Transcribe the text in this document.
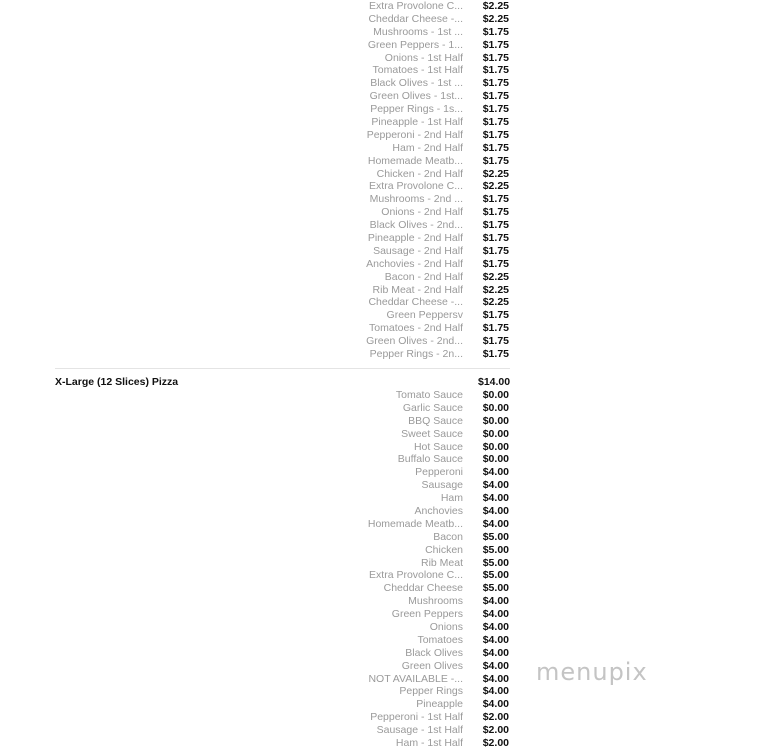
Extra Provolone C...	$2.25
Cheddar Cheese -...	$2.25
Mushrooms - 1st ...	$1.75
Green Peppers - 1...	$1.75
Onions - 1st Half	$1.75
Tomatoes - 1st Half	$1.75
Black Olives - 1st ...	$1.75
Green Olives - 1st...	$1.75
Pepper Rings - 1s...	$1.75
Pineapple - 1st Half	$1.75
Pepperoni - 2nd Half	$1.75
Ham - 2nd Half	$1.75
Homemade Meatb...	$1.75
Chicken - 2nd Half	$2.25
Extra Provolone C...	$2.25
Mushrooms - 2nd ...	$1.75
Onions - 2nd Half	$1.75
Black Olives - 2nd...	$1.75
Pineapple - 2nd Half	$1.75
Sausage - 2nd Half	$1.75
Anchovies - 2nd Half	$1.75
Bacon - 2nd Half	$2.25
Rib Meat - 2nd Half	$2.25
Cheddar Cheese -...	$2.25
Green Peppersv	$1.75
Tomatoes - 2nd Half	$1.75
Green Olives - 2nd...	$1.75
Pepper Rings - 2n...	$1.75
X-Large (12 Slices) Pizza	$14.00
Tomato Sauce	$0.00
Garlic Sauce	$0.00
BBQ Sauce	$0.00
Sweet Sauce	$0.00
Hot Sauce	$0.00
Buffalo Sauce	$0.00
Pepperoni	$4.00
Sausage	$4.00
Ham	$4.00
Anchovies	$4.00
Homemade Meatb...	$4.00
Bacon	$5.00
Chicken	$5.00
Rib Meat	$5.00
Extra Provolone C...	$5.00
Cheddar Cheese	$5.00
Mushrooms	$4.00
Green Peppers	$4.00
Onions	$4.00
Tomatoes	$4.00
Black Olives	$4.00
Green Olives	$4.00
NOT AVAILABLE -...	$4.00
Pepper Rings	$4.00
Pineapple	$4.00
Pepperoni - 1st Half	$2.00
Sausage - 1st Half	$2.00
Ham - 1st Half	$2.00
menupix
